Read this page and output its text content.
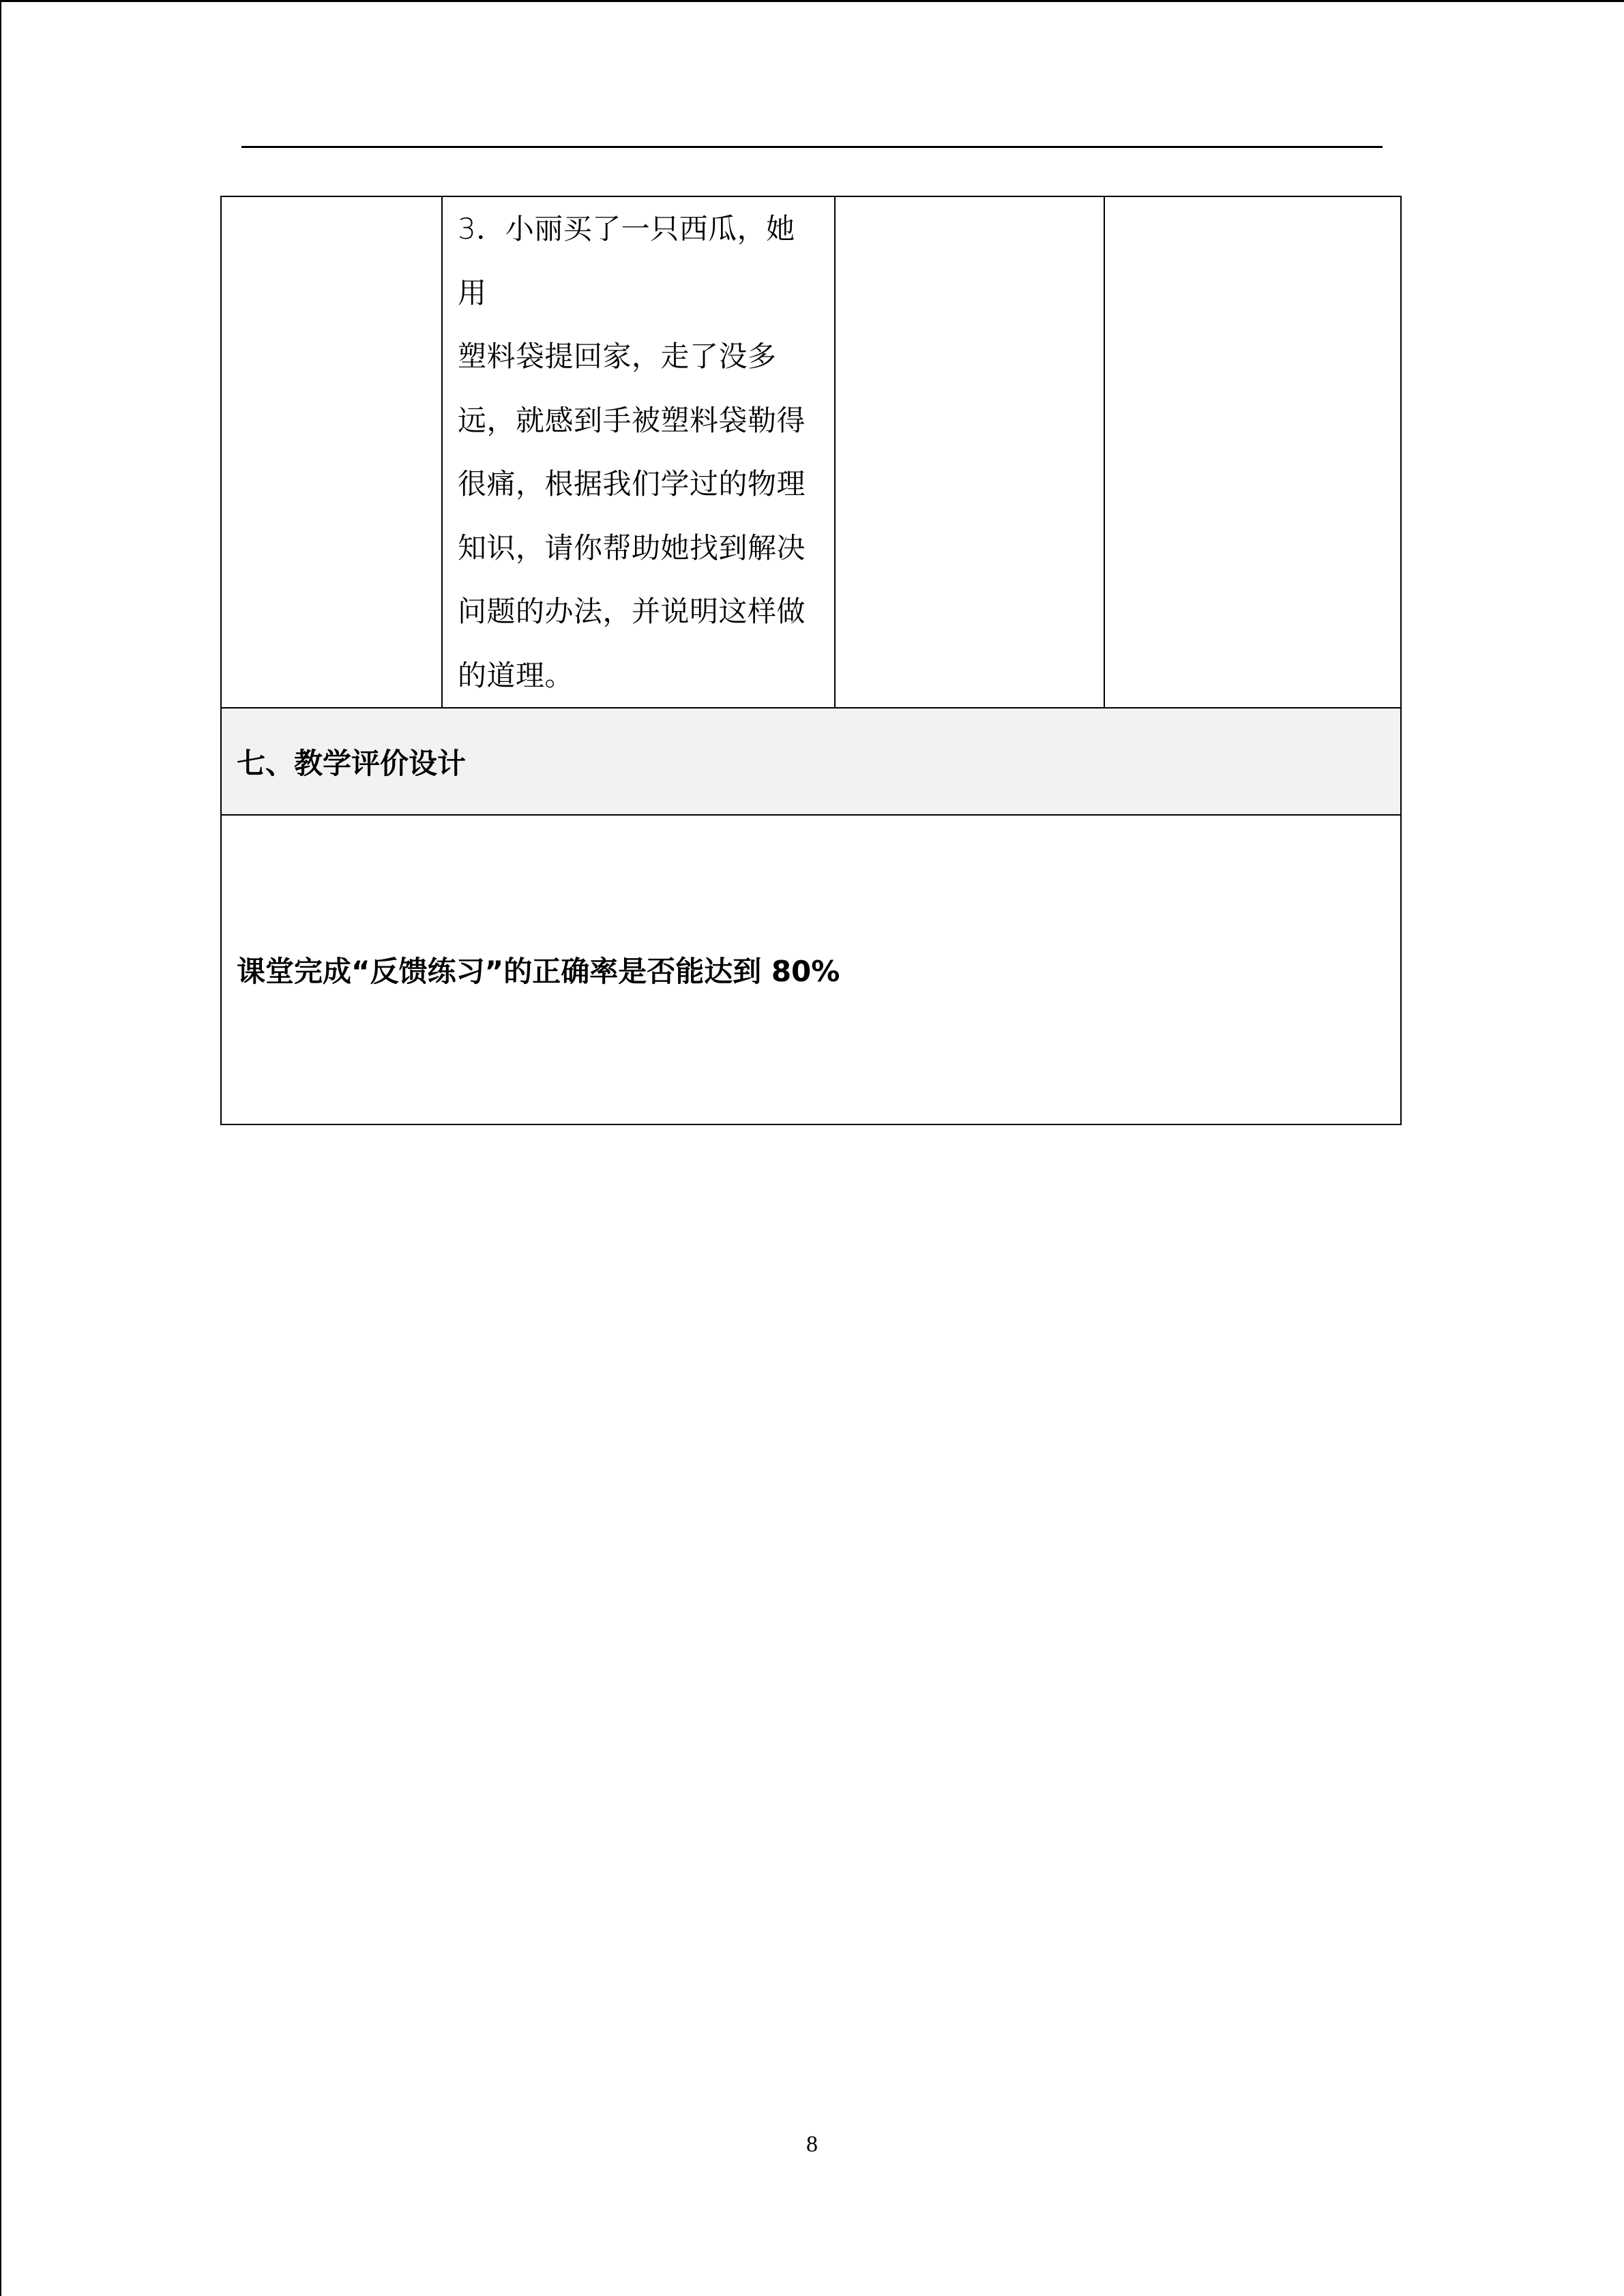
3．小丽买了一只西瓜，她用
塑料袋提回家，走了没多
远，就感到手被塑料袋勒得
很痛，根据我们学过的物理
知识，请你帮助她找到解决
问题的办法，并说明这样做
的道理。

七、教学评价设计

课堂完成“反馈练习”的正确率是否能达到 80%
8
